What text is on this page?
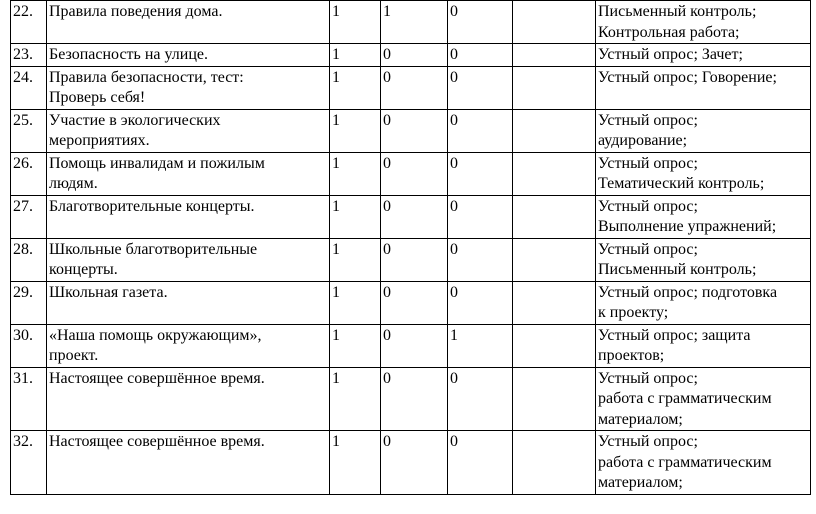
22.	Правила поведения дома.	1	1	0		Письменный контроль;
Контрольная работа;
23.	Безопасность на улице.	1	0	0		Устный опрос; Зачет;
24.	Правила безопасности, тест:
Проверь себя!	1	0	0		Устный опрос; Говорение;
25.	Участие в экологических
мероприятиях.	1	0	0		Устный опрос;
аудирование;
26.	Помощь инвалидам и пожилым
людям.	1	0	0		Устный опрос;
Тематический контроль;
27.	Благотворительные концерты.	1	0	0		Устный опрос;
Выполнение упражнений;
28.	Школьные благотворительные
концерты.	1	0	0		Устный опрос;
Письменный контроль;
29.	Школьная газета.	1	0	0		Устный опрос; подготовка
к проекту;
30.	«Наша помощь окружающим»,
проект.	1	0	1		Устный опрос; защита
проектов;
31.	Настоящее совершённое время.	1	0	0		Устный опрос;
работа с грамматическим
материалом;
32.	Настоящее совершённое время.	1	0	0		Устный опрос;
работа с грамматическим
материалом;
